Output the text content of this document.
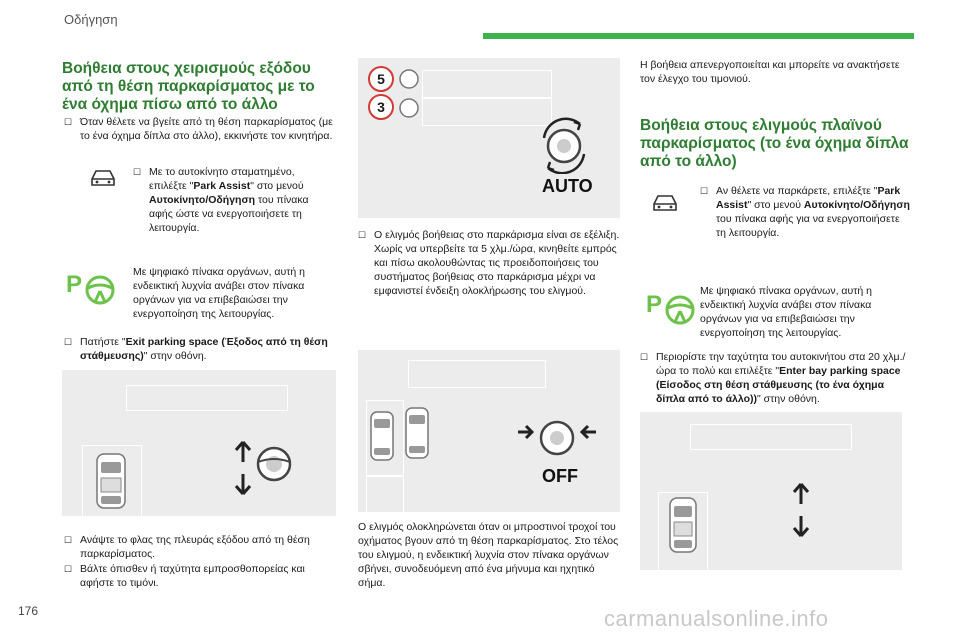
Οδήγηση
Βοήθεια στους χειρισμούς εξόδου από τη θέση παρκαρίσματος με το ένα όχημα πίσω από το άλλο
☐ Όταν θέλετε να βγείτε από τη θέση παρκαρίσματος (με το ένα όχημα δίπλα στο άλλο), εκκινήστε τον κινητήρα.
☐ Με το αυτοκίνητο σταματημένο, επιλέξτε "Park Assist" στο μενού Αυτοκίνητο/Οδήγηση του πίνακα αφής ώστε να ενεργοποιήσετε τη λειτουργία.
P	Με ψηφιακό πίνακα οργάνων, αυτή η ενδεικτική λυχνία ανάβει στον πίνακα οργάνων για να επιβεβαιώσει την ενεργοποίηση της λειτουργίας.
☐ Πατήστε "Exit parking space (Έξοδος από τη θέση στάθμευσης)" στην οθόνη.
☐ Ανάψτε το φλας της πλευράς εξόδου από τη θέση παρκαρίσματος.
☐ Βάλτε όπισθεν ή ταχύτητα εμπροσθοπορείας και αφήστε το τιμόνι.
5
3
AUTO
☐ Ο ελιγμός βοήθειας στο παρκάρισμα είναι σε εξέλιξη. Χωρίς να υπερβείτε τα 5 χλμ./ώρα, κινηθείτε εμπρός και πίσω ακολουθώντας τις προειδοποιήσεις του συστήματος βοήθειας στο παρκάρισμα μέχρι να εμφανιστεί ένδειξη ολοκλήρωσης του ελιγμού.
OFF
Ο ελιγμός ολοκληρώνεται όταν οι μπροστινοί τροχοί του οχήματος βγουν από τη θέση παρκαρίσματος. Στο τέλος του ελιγμού, η ενδεικτική λυχνία στον πίνακα οργάνων σβήνει, συνοδευόμενη από ένα μήνυμα και ηχητικό σήμα.
Η βοήθεια απενεργοποιείται και μπορείτε να ανακτήσετε τον έλεγχο του τιμονιού.
Βοήθεια στους ελιγμούς πλαϊνού παρκαρίσματος (το ένα όχημα δίπλα από το άλλο)
☐ Αν θέλετε να παρκάρετε, επιλέξτε "Park Assist" στο μενού Αυτοκίνητο/Οδήγηση του πίνακα αφής για να ενεργοποιήσετε τη λειτουργία.
P	Με ψηφιακό πίνακα οργάνων, αυτή η ενδεικτική λυχνία ανάβει στον πίνακα οργάνων για να επιβεβαιώσει την ενεργοποίηση της λειτουργίας.
☐ Περιορίστε την ταχύτητα του αυτοκινήτου στα 20 χλμ./ώρα το πολύ και επιλέξτε "Enter bay parking space (Είσοδος στη θέση στάθμευσης (το ένα όχημα δίπλα από το άλλο))" στην οθόνη.
176	carmanualsonline.info
